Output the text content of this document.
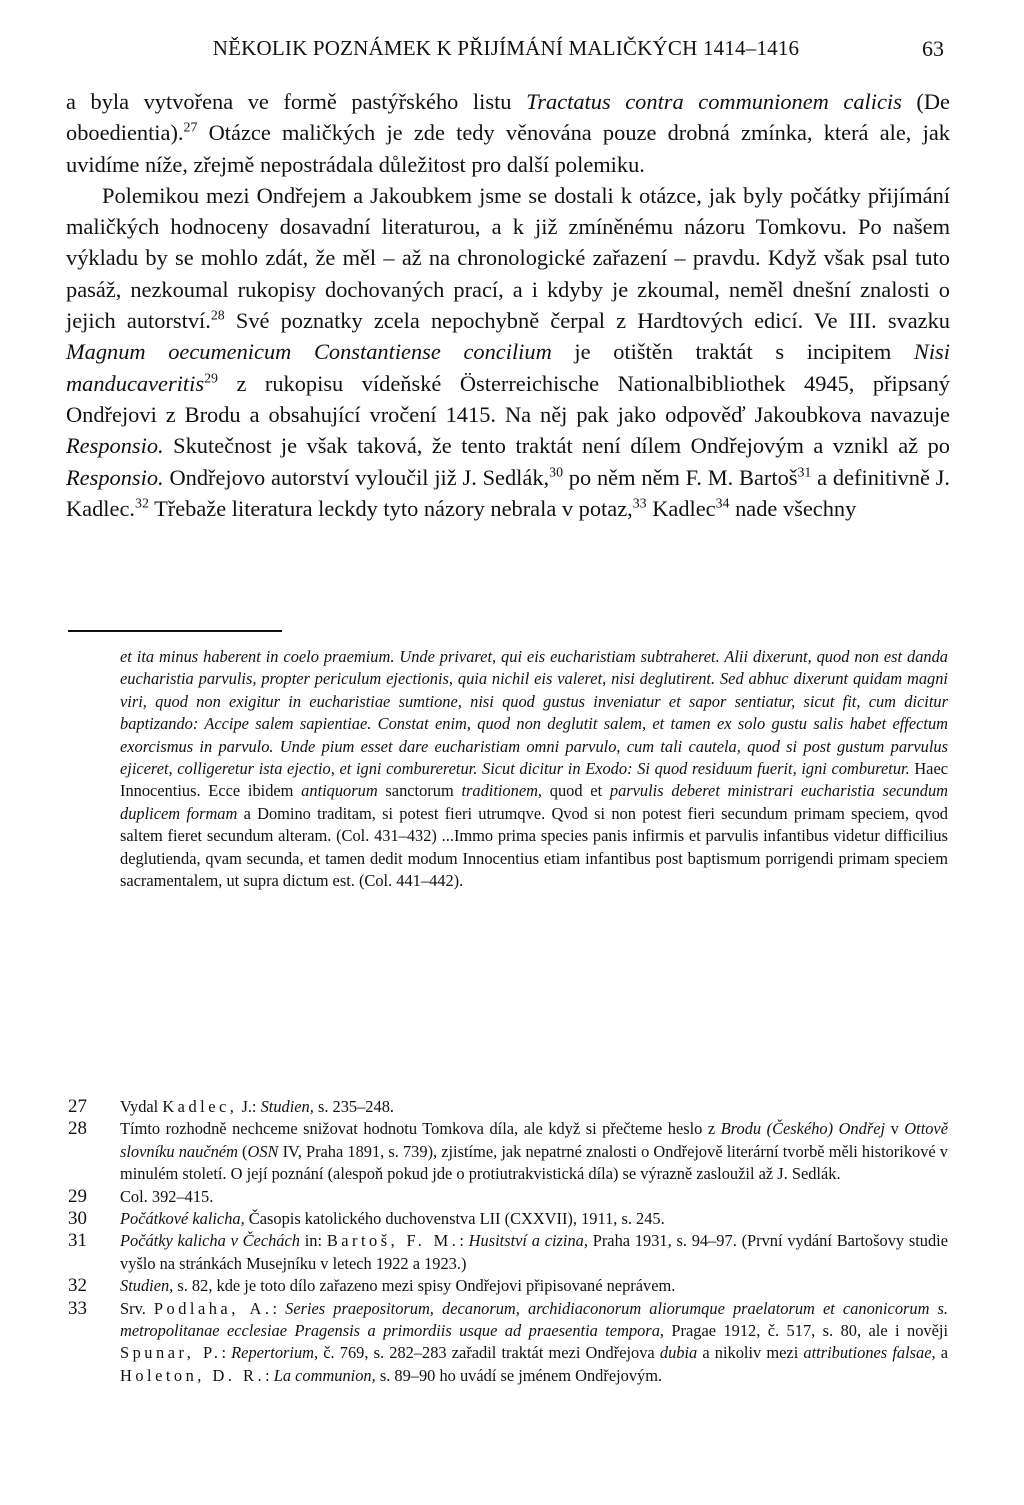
NĚKOLIK POZNÁMEK K PŘIJÍMÁNÍ MALIČKÝCH 1414–1416	63

a byla vytvořena ve formě pastýřského listu Tractatus contra communionem calicis (De oboedientia).$^{27}$ Otázce maličkých je zde tedy věnována pouze drobná zmínka, která ale, jak uvidíme níže, zřejmě nepostrádala důležitost pro další polemiku.

Polemikou mezi Ondřejem a Jakoubkem jsme se dostali k otázce, jak byly počátky přijímání maličkých hodnoceny dosavadní literaturou, a k již zmíněnému názoru Tomkovu. Po našem výkladu by se mohlo zdát, že měl – až na chronologické zařazení – pravdu. Když však psal tuto pasáž, nezkoumal rukopisy dochovaných prací, a i kdyby je zkoumal, neměl dnešní znalosti o jejich autorství.$^{28}$ Své poznatky zcela nepochybně čerpal z Hardtových edicí. Ve III. svazku Magnum oecumenicum Constantiense concilium je otištěn traktát s incipitem Nisi manducaveritis$^{29}$ z rukopisu vídeňské Österreichische Nationalbibliothek 4945, připsaný Ondřejovi z Brodu a obsahující vročení 1415. Na něj pak jako odpověď Jakoubkova navazuje Responsio. Skutečnost je však taková, že tento traktát není dílem Ondřejovým a vznikl až po Responsio. Ondřejovo autorství vyloučil již J. Sedlák,$^{30}$ po něm něm F. M. Bartoš$^{31}$ a definitivně J. Kadlec.$^{32}$ Třebaže literatura leckdy tyto názory nebrala v potaz,$^{33}$ Kadlec$^{34}$ nade všechny

et ita minus haberent in coelo praemium. Unde privaret, qui eis eucharistiam subtraheret. Alii dixerunt, quod non est danda eucharistia parvulis, propter periculum ejectionis, quia nichil eis valeret, nisi deglutirent. Sed abhuc dixerunt quidam magni viri, quod non exigitur in eucharistiae sumtione, nisi quod gustus inveniatur et sapor sentiatur, sicut fit, cum dicitur baptizando: Accipe salem sapientiae. Constat enim, quod non deglutit salem, et tamen ex solo gustu salis habet effectum exorcismus in parvulo. Unde pium esset dare eucharistiam omni parvulo, cum tali cautela, quod si post gustum parvulus ejiceret, colligeretur ista ejectio, et igni combureretur. Sicut dicitur in Exodo: Si quod residuum fuerit, igni comburetur. Haec Innocentius. Ecce ibidem antiquorum sanctorum traditionem, quod et parvulis deberet ministrari eucharistia secundum duplicem formam a Domino traditam, si potest fieri utrumqve. Qvod si non potest fieri secundum primam speciem, qvod saltem fieret secundum alteram. (Col. 431–432) ...Immo prima species panis infirmis et parvulis infantibus videtur difficilius deglutienda, qvam secunda, et tamen dedit modum Innocentius etiam infantibus post baptismum porrigendi primam speciem sacramentalem, ut supra dictum est. (Col. 441–442).
27	Vydal Kadlec, J.: Studien, s. 235–248.
28	Tímto rozhodně nechceme snižovat hodnotu Tomkova díla, ale když si přečteme heslo z Brodu (Českého) Ondřej v Ottově slovníku naučném (OSN IV, Praha 1891, s. 739), zjistíme, jak nepatrné znalosti o Ondřejově literární tvorbě měli historikové v minulém století. O její poznání (alespoň pokud jde o protiutrakvistická díla) se výrazně zasloužil až J. Sedlák.
29	Col. 392–415.
30	Počátkové kalicha, Časopis katolického duchovenstva LII (CXXVII), 1911, s. 245.
31	Počátky kalicha v Čechách in: Bartoš, F. M.: Husitství a cizina, Praha 1931, s. 94–97. (První vydání Bartošovy studie vyšlo na stránkách Musejníku v letech 1922 a 1923.)
32	Studien, s. 82, kde je toto dílo zařazeno mezi spisy Ondřejovi připisované neprávem.
33	Srv. Podlaha, A.: Series praepositorum, decanorum, archidiaconorum aliorumque praelatorum et canonicorum s. metropolitanae ecclesiae Pragensis a primordiis usque ad praesentia tempora, Pragae 1912, č. 517, s. 80, ale i nověji Spunar, P.: Repertorium, č. 769, s. 282–283 zařadil traktát mezi Ondřejova dubia a nikoliv mezi attributiones falsae, a Holeton, D. R.: La communion, s. 89–90 ho uvádí se jménem Ondřejovým.
